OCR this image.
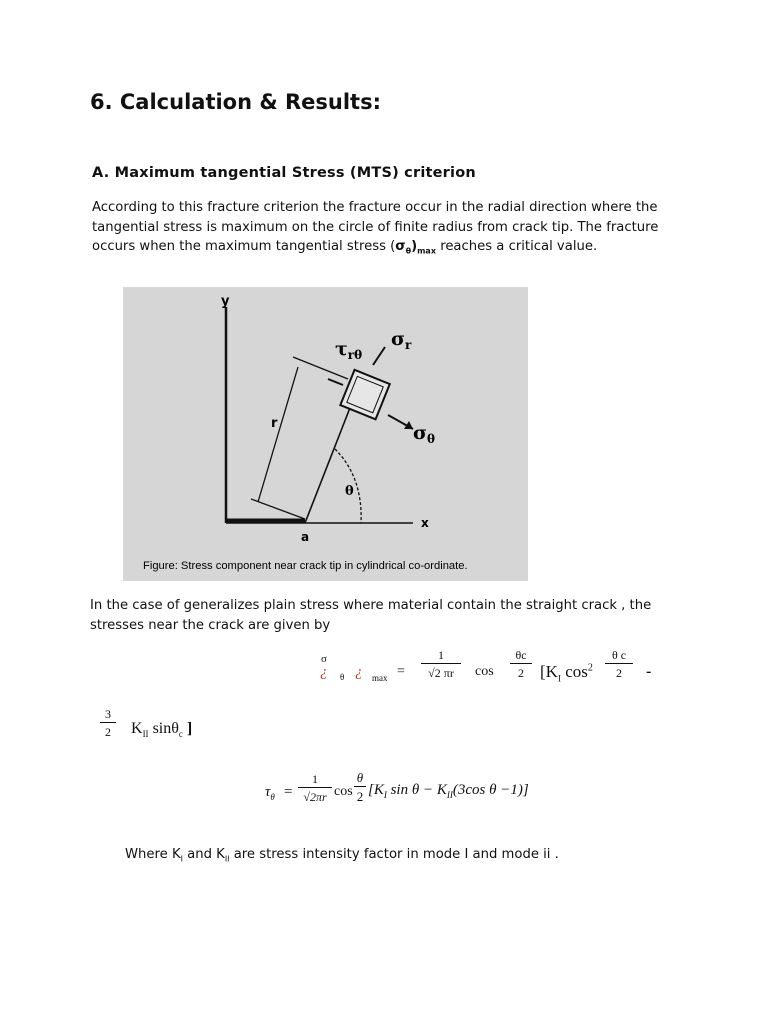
6. Calculation & Results:
A. Maximum tangential Stress (MTS) criterion
According to this fracture criterion the fracture occur in the radial direction where the tangential stress is maximum on the circle of finite radius from crack tip. The fracture occurs when the maximum tangential stress $(\sigma_\theta)_{max}$ reaches a critical value.
y
x
a
r
θ
$\tau_{r\theta}$
$\sigma_r$
$\sigma_\theta$
Figure: Stress component near crack tip in cylindrical co-ordinate.
In the case of generalizes plain stress where material contain the straight crack , the stresses near the crack are given by
σ
¿ θ ¿ $\max = \frac{1}{√2 \pi r}$ $\cos \frac{\theta c}{2} [K_I$ $\cos^2 \frac{\text{θ c}}{2}$ -
$\frac{3}{2} K_{II}$ sinθ$_c$ ]
$\tau_\theta = \frac{1}{√2\pi r}$ $\cos \frac{\theta}{2} [K_I$ $\sin \theta - K_{II}(3\cos$ θ −1)]
Where $K_I$ and $K_{II}$ are stress intensity factor in mode I and mode ii .
